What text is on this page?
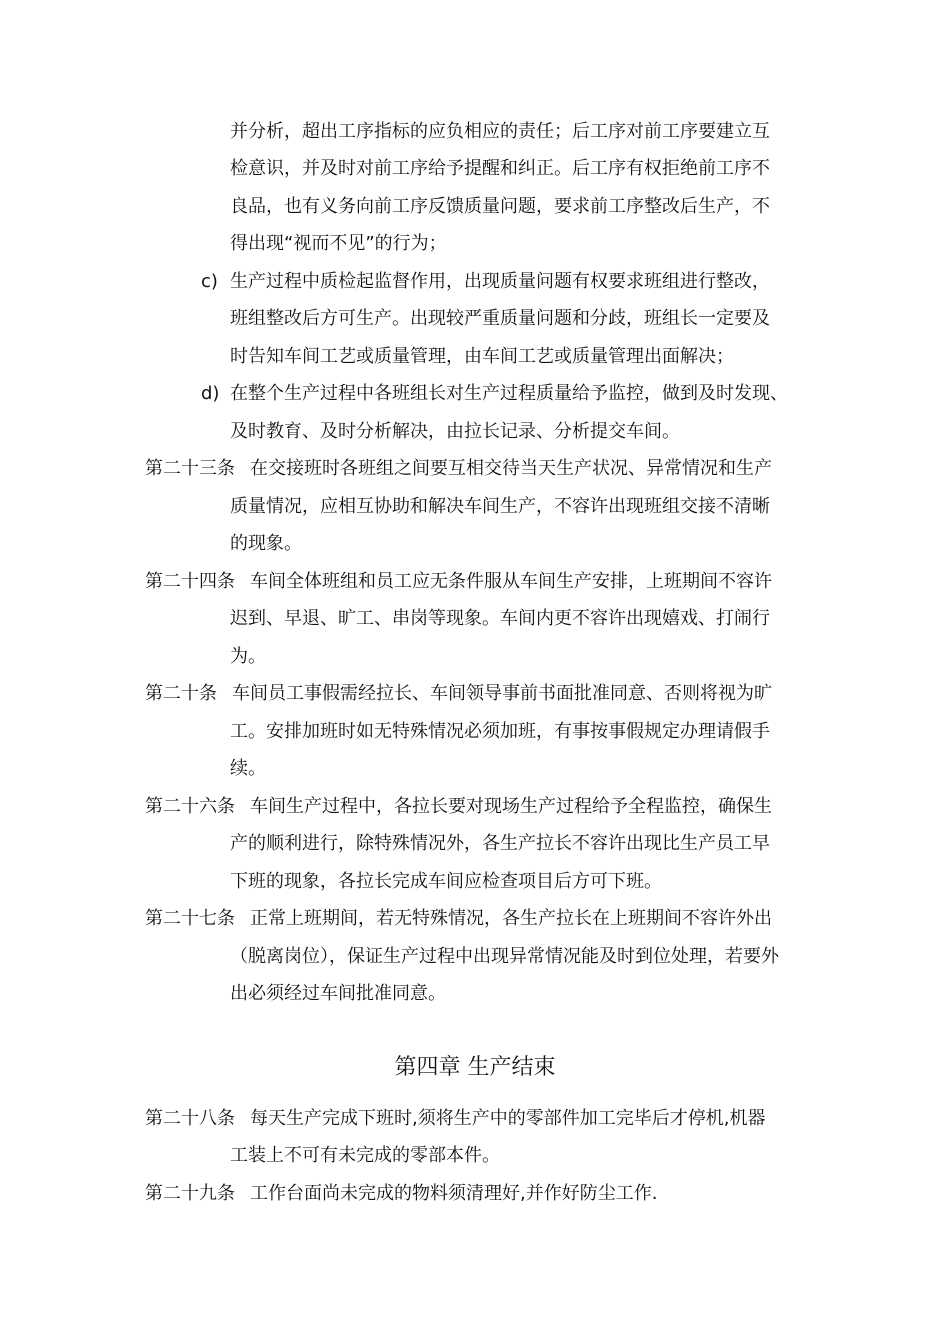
并分析，超出工序指标的应负相应的责任；后工序对前工序要建立互
检意识，并及时对前工序给予提醒和纠正。后工序有权拒绝前工序不
良品，也有义务向前工序反馈质量问题，要求前工序整改后生产，不
得出现“视而不见”的行为；
c) 生产过程中质检起监督作用，出现质量问题有权要求班组进行整改，
班组整改后方可生产。出现较严重质量问题和分歧，班组长一定要及
时告知车间工艺或质量管理，由车间工艺或质量管理出面解决；
d) 在整个生产过程中各班组长对生产过程质量给予监控，做到及时发现、
及时教育、及时分析解决，由拉长记录、分析提交车间。
第二十三条 在交接班时各班组之间要互相交待当天生产状况、异常情况和生产
质量情况，应相互协助和解决车间生产，不容许出现班组交接不清晰
的现象。
第二十四条 车间全体班组和员工应无条件服从车间生产安排，上班期间不容许
迟到、早退、旷工、串岗等现象。车间内更不容许出现嬉戏、打闹行
为。
第二十条 车间员工事假需经拉长、车间领导事前书面批准同意、否则将视为旷
工。安排加班时如无特殊情况必须加班，有事按事假规定办理请假手
续。
第二十六条 车间生产过程中，各拉长要对现场生产过程给予全程监控，确保生
产的顺利进行，除特殊情况外，各生产拉长不容许出现比生产员工早
下班的现象，各拉长完成车间应检查项目后方可下班。
第二十七条 正常上班期间，若无特殊情况，各生产拉长在上班期间不容许外出
（脱离岗位），保证生产过程中出现异常情况能及时到位处理，若要外
出必须经过车间批准同意。
第四章 生产结束
第二十八条 每天生产完成下班时,须将生产中的零部件加工完毕后才停机,机器
工装上不可有未完成的零部本件。
第二十九条 工作台面尚未完成的物料须清理好,并作好防尘工作.
